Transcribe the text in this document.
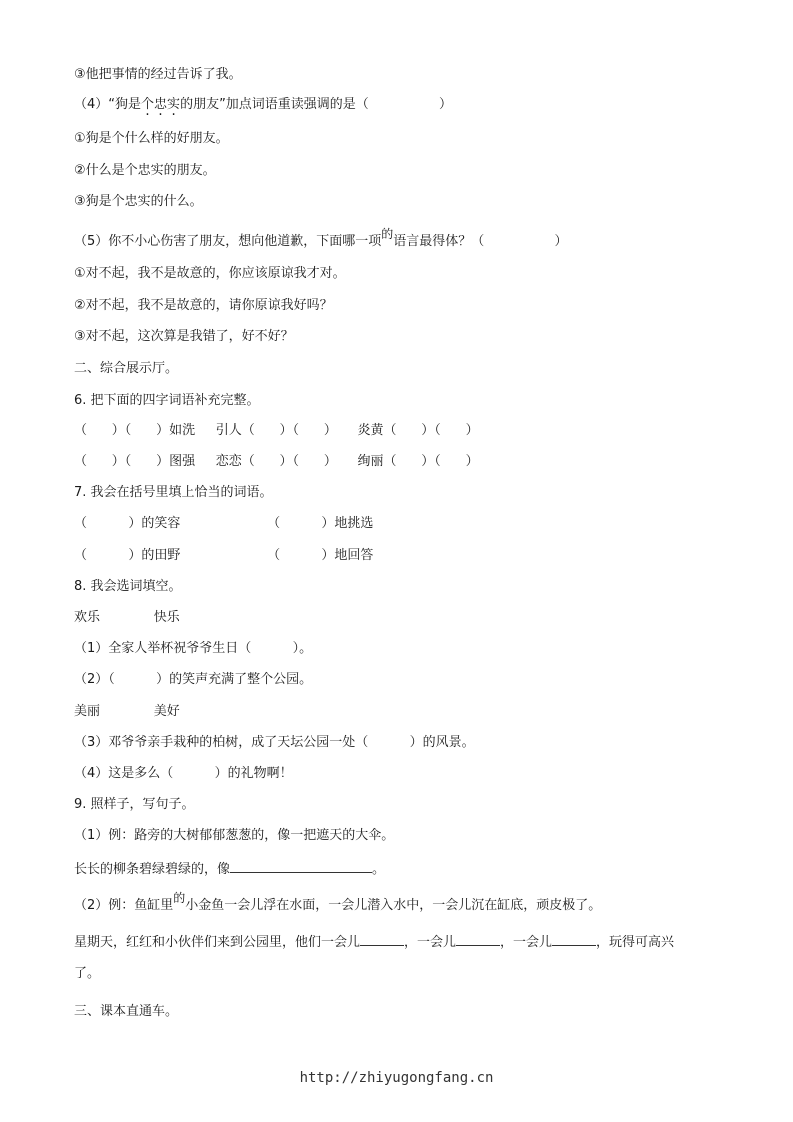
③他把事情的经过告诉了我。
（4）“狗是个忠实的朋友”加点词语重读强调的是（                 ）
①狗是个什么样的好朋友。
②什么是个忠实的朋友。
③狗是个忠实的什么。
（5）你不小心伤害了朋友，想向他道歉，下面哪一项的语言最得体？（                 ）
①对不起，我不是故意的，你应该原谅我才对。
②对不起，我不是故意的，请你原谅我好吗？
③对不起，这次算是我错了，好不好？
二、综合展示厅。
6. 把下面的四字词语补充完整。
（      ）（      ）如洗     引人（      ）（      ）     炎黄（      ）（      ）
（      ）（      ）图强     恋恋（      ）（      ）     绚丽（      ）（      ）
7. 我会在括号里填上恰当的词语。
（          ）的笑容                     （          ）地挑选
（          ）的田野                     （          ）地回答
8. 我会选词填空。
欢乐             快乐
（1）全家人举杯祝爷爷生日（          ）。
（2）（          ）的笑声充满了整个公园。
美丽             美好
（3）邓爷爷亲手栽种的柏树，成了天坛公园一处（          ）的风景。
（4）这是多么（          ）的礼物啊！
9. 照样子，写句子。
（1）例：路旁的大树郁郁葱葱的，像一把遮天的大伞。
长长的柳条碧绿碧绿的，像	。
（2）例：鱼缸里的小金鱼一会儿浮在水面，一会儿潜入水中，一会儿沉在缸底，顽皮极了。
星期天，红红和小伙伴们来到公园里，他们一会儿	，一会儿	，一会儿	，玩得可高兴
了。
三、课本直通车。
http://zhiyugongfang.cn
